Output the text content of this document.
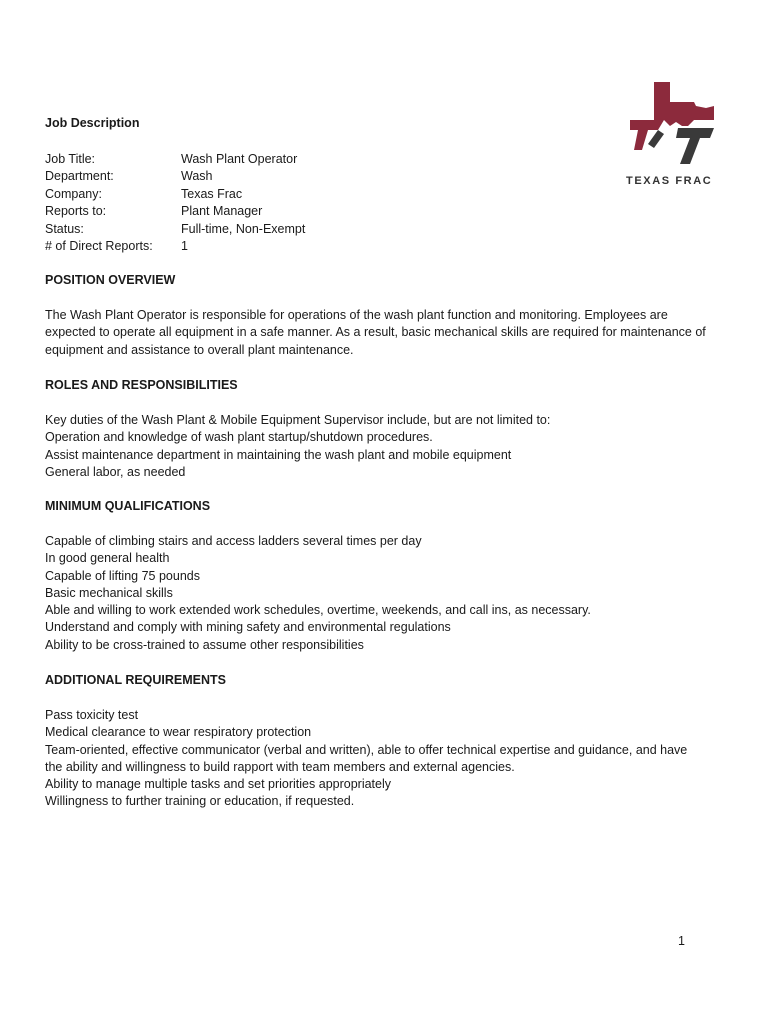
Job Description
TEXAS FRAC
Job Title:	Wash Plant Operator
Department:	Wash
Company:	Texas Frac
Reports to:	Plant Manager
Status:	Full-time, Non-Exempt
# of Direct Reports: 1
POSITION OVERVIEW
The Wash Plant Operator is responsible for operations of the wash plant function and monitoring. Employees are
expected to operate all equipment in a safe manner. As a result, basic mechanical skills are required for maintenance of
equipment and assistance to overall plant maintenance.
ROLES AND RESPONSIBILITIES
Key duties of the Wash Plant & Mobile Equipment Supervisor include, but are not limited to:
Operation and knowledge of wash plant startup/shutdown procedures.
Assist maintenance department in maintaining the wash plant and mobile equipment
General labor, as needed
MINIMUM QUALIFICATIONS
Capable of climbing stairs and access ladders several times per day
In good general health
Capable of lifting 75 pounds
Basic mechanical skills
Able and willing to work extended work schedules, overtime, weekends, and call ins, as necessary.
Understand and comply with mining safety and environmental regulations
Ability to be cross-trained to assume other responsibilities
ADDITIONAL REQUIREMENTS
Pass toxicity test
Medical clearance to wear respiratory protection
Team-oriented, effective communicator (verbal and written), able to offer technical expertise and guidance, and have
the ability and willingness to build rapport with team members and external agencies.
Ability to manage multiple tasks and set priorities appropriately
Willingness to further training or education, if requested.
1
